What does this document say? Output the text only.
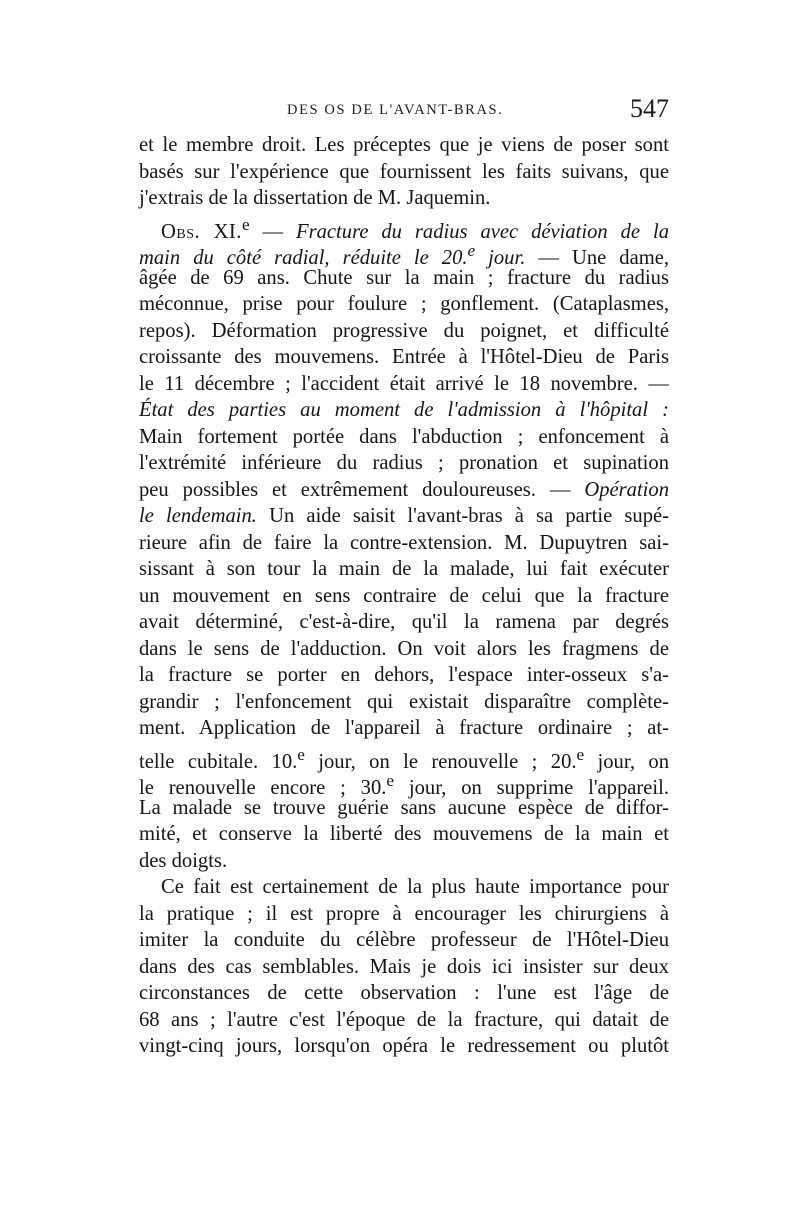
DES OS DE L'AVANT-BRAS.	547
et le membre droit. Les préceptes que je viens de poser sont
basés sur l'expérience que fournissent les faits suivans, que
j'extrais de la dissertation de M. Jaquemin.
Obs. XI.$^e$ — Fracture du radius avec déviation de la
main du côté radial, réduite le 20.$^e$ jour. — Une dame,
âgée de 69 ans. Chute sur la main ; fracture du radius
méconnue, prise pour foulure ; gonflement. (Cataplasmes,
repos). Déformation progressive du poignet, et difficulté
croissante des mouvemens. Entrée à l'Hôtel-Dieu de Paris
le 11 décembre ; l'accident était arrivé le 18 novembre. —
État des parties au moment de l'admission à l'hôpital :
Main fortement portée dans l'abduction ; enfoncement à
l'extrémité inférieure du radius ; pronation et supination
peu possibles et extrêmement douloureuses. — Opération
le lendemain. Un aide saisit l'avant-bras à sa partie supé-
rieure afin de faire la contre-extension. M. Dupuytren sai-
sissant à son tour la main de la malade, lui fait exécuter
un mouvement en sens contraire de celui que la fracture
avait déterminé, c'est-à-dire, qu'il la ramena par degrés
dans le sens de l'adduction. On voit alors les fragmens de
la fracture se porter en dehors, l'espace inter-osseux s'a-
grandir ; l'enfoncement qui existait disparaître complète-
ment. Application de l'appareil à fracture ordinaire ; at-
telle cubitale. 10.$^e$ jour, on le renouvelle ; 20.$^e$ jour, on
le renouvelle encore ; 30.$^e$ jour, on supprime l'appareil.
La malade se trouve guérie sans aucune espèce de diffor-
mité, et conserve la liberté des mouvemens de la main et
des doigts.
Ce fait est certainement de la plus haute importance pour
la pratique ; il est propre à encourager les chirurgiens à
imiter la conduite du célèbre professeur de l'Hôtel-Dieu
dans des cas semblables. Mais je dois ici insister sur deux
circonstances de cette observation : l'une est l'âge de
68 ans ; l'autre c'est l'époque de la fracture, qui datait de
vingt-cinq jours, lorsqu'on opéra le redressement ou plutôt
